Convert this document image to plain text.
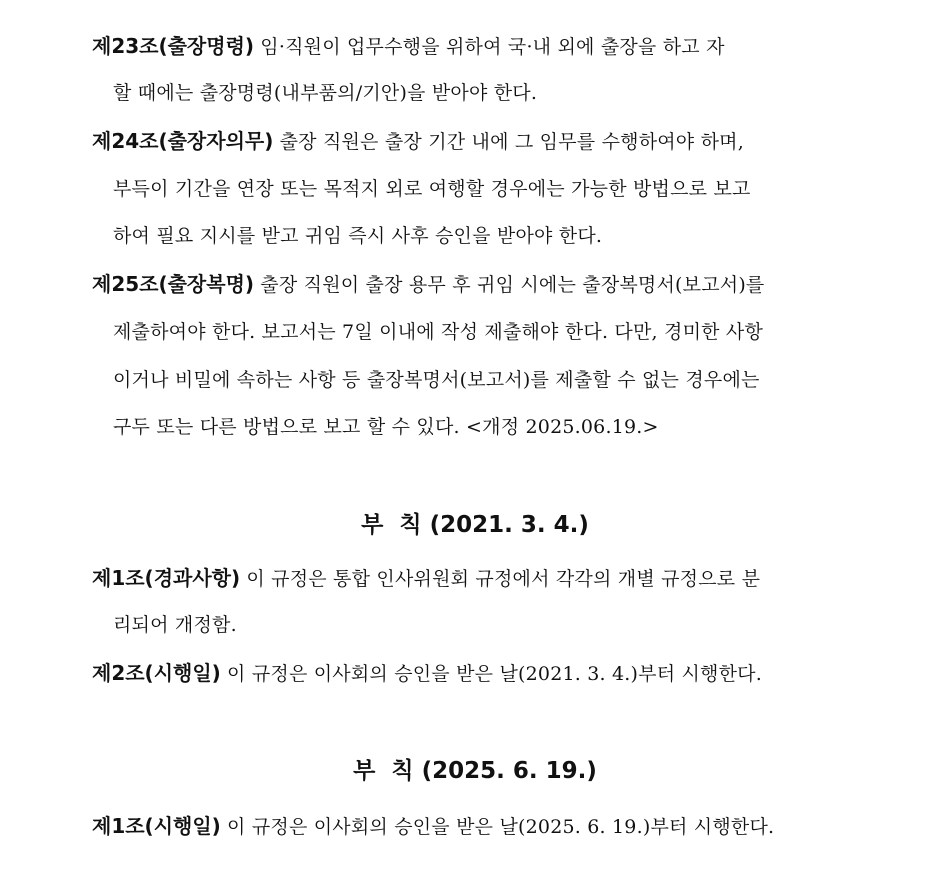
제23조(출장명령) 임·직원이 업무수행을 위하여 국·내 외에 출장을 하고 자
할 때에는 출장명령(내부품의/기안)을 받아야 한다.
제24조(출장자의무) 출장 직원은 출장 기간 내에 그 임무를 수행하여야 하며,
부득이 기간을 연장 또는 목적지 외로 여행할 경우에는 가능한 방법으로 보고
하여 필요 지시를 받고 귀임 즉시 사후 승인을 받아야 한다.
제25조(출장복명) 출장 직원이 출장 용무 후 귀임 시에는 출장복명서(보고서)를
제출하여야 한다. 보고서는 7일 이내에 작성 제출해야 한다. 다만, 경미한 사항
이거나 비밀에 속하는 사항 등 출장복명서(보고서)를 제출할 수 없는 경우에는
구두 또는 다른 방법으로 보고 할 수 있다. <개정 2025.06.19.>
부  칙 (2021. 3. 4.)
제1조(경과사항) 이 규정은 통합 인사위원회 규정에서 각각의 개별 규정으로 분
리되어 개정함.
제2조(시행일) 이 규정은 이사회의 승인을 받은 날(2021. 3. 4.)부터 시행한다.
부  칙 (2025. 6. 19.)
제1조(시행일) 이 규정은 이사회의 승인을 받은 날(2025. 6. 19.)부터 시행한다.
